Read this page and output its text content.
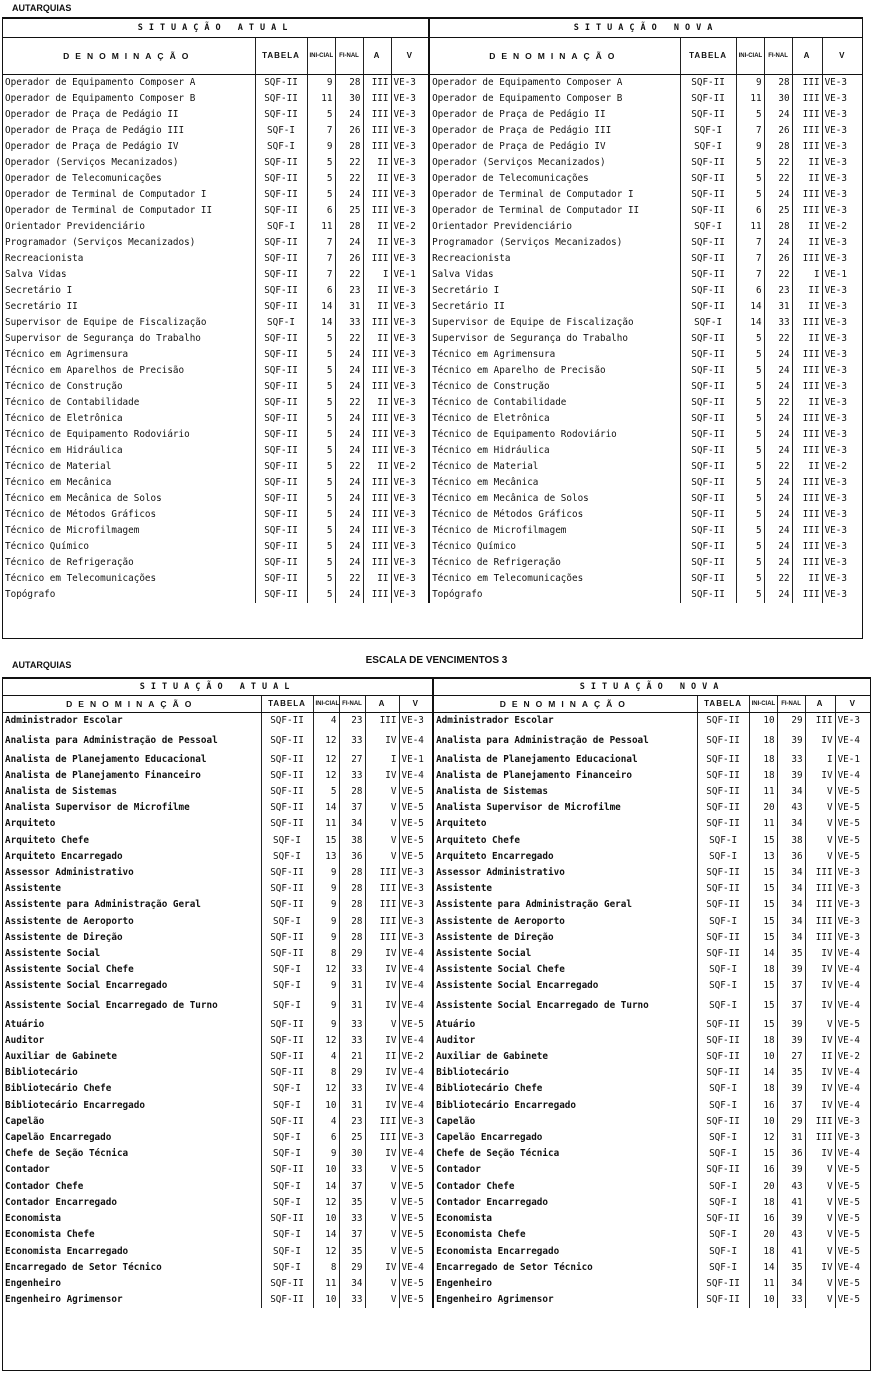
AUTARQUIAS
SITUAÇÃO ATUAL						SITUAÇÃO NOVA					
DENOMINAÇÃO	TABELA	INI-CIAL	FI-NAL	A	V	DENOMINAÇÃO	TABELA	INI-CIAL	FI-NAL	A	V
Operador de Equipamento Composer A	SQF-II	9	28	III	VE-3	Operador de Equipamento Composer A	SQF-II	9	28	III	VE-3
Operador de Equipamento Composer B	SQF-II	11	30	III	VE-3	Operador de Equipamento Composer B	SQF-II	11	30	III	VE-3
Operador de Praça de Pedágio II	SQF-II	5	24	III	VE-3	Operador de Praça de Pedágio II	SQF-II	5	24	III	VE-3
Operador de Praça de Pedágio III	SQF-I	7	26	III	VE-3	Operador de Praça de Pedágio III	SQF-I	7	26	III	VE-3
Operador de Praça de Pedágio IV	SQF-I	9	28	III	VE-3	Operador de Praça de Pedágio IV	SQF-I	9	28	III	VE-3
Operador (Serviços Mecanizados)	SQF-II	5	22	II	VE-3	Operador (Serviços Mecanizados)	SQF-II	5	22	II	VE-3
Operador de Telecomunicações	SQF-II	5	22	II	VE-3	Operador de Telecomunicações	SQF-II	5	22	II	VE-3
Operador de Terminal de Computador I	SQF-II	5	24	III	VE-3	Operador de Terminal de Computador I	SQF-II	5	24	III	VE-3
Operador de Terminal de Computador II	SQF-II	6	25	III	VE-3	Operador de Terminal de Computador II	SQF-II	6	25	III	VE-3
Orientador Previdenciário	SQF-I	11	28	II	VE-2	Orientador Previdenciário	SQF-I	11	28	II	VE-2
Programador (Serviços Mecanizados)	SQF-II	7	24	II	VE-3	Programador (Serviços Mecanizados)	SQF-II	7	24	II	VE-3
Recreacionista	SQF-II	7	26	III	VE-3	Recreacionista	SQF-II	7	26	III	VE-3
Salva Vidas	SQF-II	7	22	I	VE-1	Salva Vidas	SQF-II	7	22	I	VE-1
Secretário I	SQF-II	6	23	II	VE-3	Secretário I	SQF-II	6	23	II	VE-3
Secretário II	SQF-II	14	31	II	VE-3	Secretário II	SQF-II	14	31	II	VE-3
Supervisor de Equipe de Fiscalização	SQF-I	14	33	III	VE-3	Supervisor de Equipe de Fiscalização	SQF-I	14	33	III	VE-3
Supervisor de Segurança do Trabalho	SQF-II	5	22	II	VE-3	Supervisor de Segurança do Trabalho	SQF-II	5	22	II	VE-3
Técnico em Agrimensura	SQF-II	5	24	III	VE-3	Técnico em Agrimensura	SQF-II	5	24	III	VE-3
Técnico em Aparelhos de Precisão	SQF-II	5	24	III	VE-3	Técnico em Aparelho de Precisão	SQF-II	5	24	III	VE-3
Técnico de Construção	SQF-II	5	24	III	VE-3	Técnico de Construção	SQF-II	5	24	III	VE-3
Técnico de Contabilidade	SQF-II	5	22	II	VE-3	Técnico de Contabilidade	SQF-II	5	22	II	VE-3
Técnico de Eletrônica	SQF-II	5	24	III	VE-3	Técnico de Eletrônica	SQF-II	5	24	III	VE-3
Técnico de Equipamento Rodoviário	SQF-II	5	24	III	VE-3	Técnico de Equipamento Rodoviário	SQF-II	5	24	III	VE-3
Técnico em Hidráulica	SQF-II	5	24	III	VE-3	Técnico em Hidráulica	SQF-II	5	24	III	VE-3
Técnico de Material	SQF-II	5	22	II	VE-2	Técnico de Material	SQF-II	5	22	II	VE-2
Técnico em Mecânica	SQF-II	5	24	III	VE-3	Técnico em Mecânica	SQF-II	5	24	III	VE-3
Técnico em Mecânica de Solos	SQF-II	5	24	III	VE-3	Técnico em Mecânica de Solos	SQF-II	5	24	III	VE-3
Técnico de Métodos Gráficos	SQF-II	5	24	III	VE-3	Técnico de Métodos Gráficos	SQF-II	5	24	III	VE-3
Técnico de Microfilmagem	SQF-II	5	24	III	VE-3	Técnico de Microfilmagem	SQF-II	5	24	III	VE-3
Técnico Químico	SQF-II	5	24	III	VE-3	Técnico Químico	SQF-II	5	24	III	VE-3
Técnico de Refrigeração	SQF-II	5	24	III	VE-3	Técnico de Refrigeração	SQF-II	5	24	III	VE-3
Técnico em Telecomunicações	SQF-II	5	22	II	VE-3	Técnico em Telecomunicações	SQF-II	5	22	II	VE-3
Topógrafo	SQF-II	5	24	III	VE-3	Topógrafo	SQF-II	5	24	III	VE-3
ESCALA DE VENCIMENTOS 3
AUTARQUIAS
SITUAÇÃO ATUAL						SITUAÇÃO NOVA					
DENOMINAÇÃO	TABELA	INI-CIAL	FI-NAL	A	V	DENOMINAÇÃO	TABELA	INI-CIAL	FI-NAL	A	V
Administrador Escolar	SQF-II	4	23	III	VE-3	Administrador Escolar	SQF-II	10	29	III	VE-3
Analista para Administração de Pessoal	SQF-II	12	33	IV	VE-4	Analista para Administração de Pessoal	SQF-II	18	39	IV	VE-4
Analista de Planejamento Educacional	SQF-II	12	27	I	VE-1	Analista de Planejamento Educacional	SQF-II	18	33	I	VE-1
Analista de Planejamento Financeiro	SQF-II	12	33	IV	VE-4	Analista de Planejamento Financeiro	SQF-II	18	39	IV	VE-4
Analista de Sistemas	SQF-II	5	28	V	VE-5	Analista de Sistemas	SQF-II	11	34	V	VE-5
Analista Supervisor de Microfilme	SQF-II	14	37	V	VE-5	Analista Supervisor de Microfilme	SQF-II	20	43	V	VE-5
Arquiteto	SQF-II	11	34	V	VE-5	Arquiteto	SQF-II	11	34	V	VE-5
Arquiteto Chefe	SQF-I	15	38	V	VE-5	Arquiteto Chefe	SQF-I	15	38	V	VE-5
Arquiteto Encarregado	SQF-I	13	36	V	VE-5	Arquiteto Encarregado	SQF-I	13	36	V	VE-5
Assessor Administrativo	SQF-II	9	28	III	VE-3	Assessor Administrativo	SQF-II	15	34	III	VE-3
Assistente	SQF-II	9	28	III	VE-3	Assistente	SQF-II	15	34	III	VE-3
Assistente para Administração Geral	SQF-II	9	28	III	VE-3	Assistente para Administração Geral	SQF-II	15	34	III	VE-3
Assistente de Aeroporto	SQF-I	9	28	III	VE-3	Assistente de Aeroporto	SQF-I	15	34	III	VE-3
Assistente de Direção	SQF-II	9	28	III	VE-3	Assistente de Direção	SQF-II	15	34	III	VE-3
Assistente Social	SQF-II	8	29	IV	VE-4	Assistente Social	SQF-II	14	35	IV	VE-4
Assistente Social Chefe	SQF-I	12	33	IV	VE-4	Assistente Social Chefe	SQF-I	18	39	IV	VE-4
Assistente Social Encarregado	SQF-I	9	31	IV	VE-4	Assistente Social Encarregado	SQF-I	15	37	IV	VE-4
Assistente Social Encarregado de Turno	SQF-I	9	31	IV	VE-4	Assistente Social Encarregado de Turno	SQF-I	15	37	IV	VE-4
Atuário	SQF-II	9	33	V	VE-5	Atuário	SQF-II	15	39	V	VE-5
Auditor	SQF-II	12	33	IV	VE-4	Auditor	SQF-II	18	39	IV	VE-4
Auxiliar de Gabinete	SQF-II	4	21	II	VE-2	Auxiliar de Gabinete	SQF-II	10	27	II	VE-2
Bibliotecário	SQF-II	8	29	IV	VE-4	Bibliotecário	SQF-II	14	35	IV	VE-4
Bibliotecário Chefe	SQF-I	12	33	IV	VE-4	Bibliotecário Chefe	SQF-I	18	39	IV	VE-4
Bibliotecário Encarregado	SQF-I	10	31	IV	VE-4	Bibliotecário Encarregado	SQF-I	16	37	IV	VE-4
Capelão	SQF-II	4	23	III	VE-3	Capelão	SQF-II	10	29	III	VE-3
Capelão Encarregado	SQF-I	6	25	III	VE-3	Capelão Encarregado	SQF-I	12	31	III	VE-3
Chefe de Seção Técnica	SQF-I	9	30	IV	VE-4	Chefe de Seção Técnica	SQF-I	15	36	IV	VE-4
Contador	SQF-II	10	33	V	VE-5	Contador	SQF-II	16	39	V	VE-5
Contador Chefe	SQF-I	14	37	V	VE-5	Contador Chefe	SQF-I	20	43	V	VE-5
Contador Encarregado	SQF-I	12	35	V	VE-5	Contador Encarregado	SQF-I	18	41	V	VE-5
Economista	SQF-II	10	33	V	VE-5	Economista	SQF-II	16	39	V	VE-5
Economista Chefe	SQF-I	14	37	V	VE-5	Economista Chefe	SQF-I	20	43	V	VE-5
Economista Encarregado	SQF-I	12	35	V	VE-5	Economista Encarregado	SQF-I	18	41	V	VE-5
Encarregado de Setor Técnico	SQF-I	8	29	IV	VE-4	Encarregado de Setor Técnico	SQF-I	14	35	IV	VE-4
Engenheiro	SQF-II	11	34	V	VE-5	Engenheiro	SQF-II	11	34	V	VE-5
Engenheiro Agrimensor	SQF-II	10	33	V	VE-5	Engenheiro Agrimensor	SQF-II	10	33	V	VE-5
